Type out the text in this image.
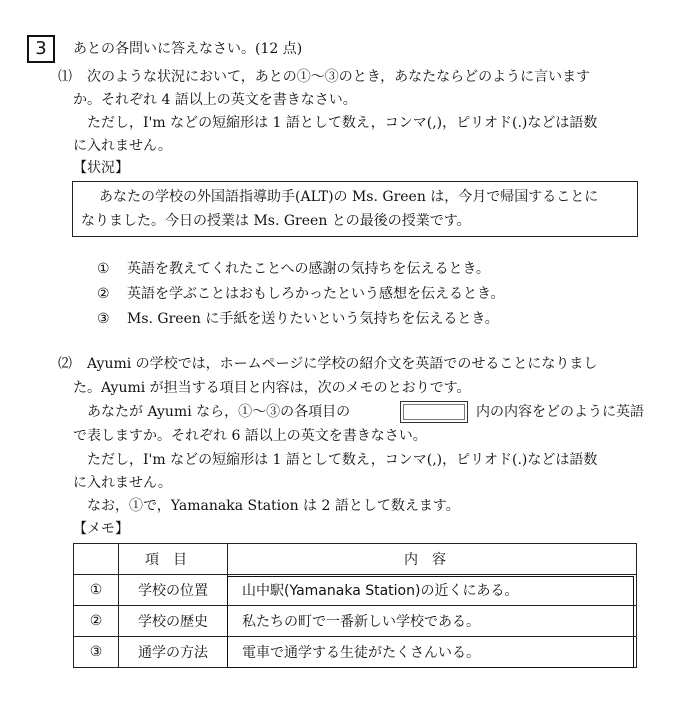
3	あとの各問いに答えなさい。(12 点)
⑴ 次のような状況において，あとの①～③のとき，あなたならどのように言います
か。それぞれ 4 語以上の英文を書きなさい。
ただし，I'm などの短縮形は 1 語として数え，コンマ(,)，ピリオド(.)などは語数
に入れません。
【状況】
あなたの学校の外国語指導助手(ALT)の Ms. Green は，今月で帰国することに
なりました。今日の授業は Ms. Green との最後の授業です。
① 英語を教えてくれたことへの感謝の気持ちを伝えるとき。
② 英語を学ぶことはおもしろかったという感想を伝えるとき。
③ Ms. Green に手紙を送りたいという気持ちを伝えるとき。
⑵ Ayumi の学校では，ホームページに学校の紹介文を英語でのせることになりまし
た。Ayumi が担当する項目と内容は，次のメモのとおりです。
あなたが Ayumi なら，①～③の各項目の	内の内容をどのように英語
で表しますか。それぞれ 6 語以上の英文を書きなさい。
ただし，I'm などの短縮形は 1 語として数え，コンマ(,)，ピリオド(.)などは語数
に入れません。
なお，①で，Yamanaka Station は 2 語として数えます。
【メモ】
	項目	内容
①	学校の位置	山中駅(Yamanaka Station)の近くにある。
②	学校の歴史	私たちの町で一番新しい学校である。
③	通学の方法	電車で通学する生徒がたくさんいる。
